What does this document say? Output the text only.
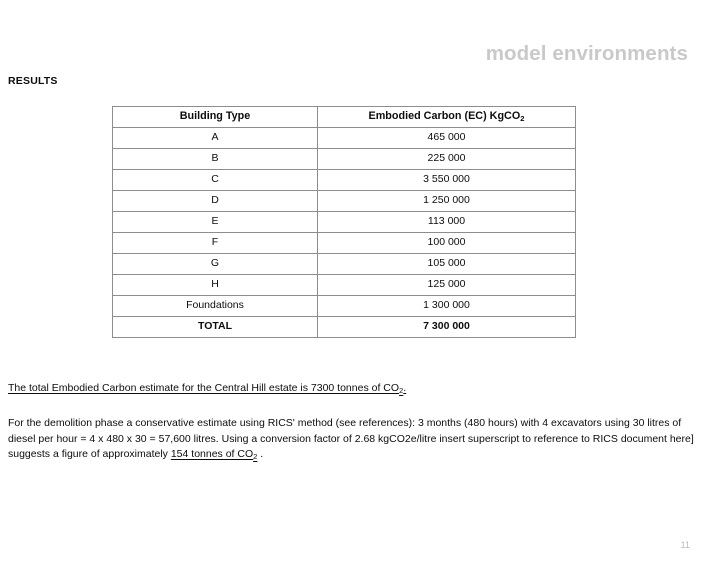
model environments
RESULTS
Building Type	Embodied Carbon (EC) KgCO$_2$
A	465 000
B	225 000
C	3 550 000
D	1 250 000
E	113 000
F	100 000
G	105 000
H	125 000
Foundations	1 300 000
TOTAL	7 300 000
The total Embodied Carbon estimate for the Central Hill estate is 7300 tonnes of CO2.
For the demolition phase a conservative estimate using RICS' method (see references): 3 months (480 hours) with 4 excavators using 30 litres of diesel per hour = 4 x 480 x 30 = 57,600 litres. Using a conversion factor of 2.68 kgCO2e/litre insert superscript to reference to RICS document here] suggests a figure of approximately 154 tonnes of CO2 .
11
